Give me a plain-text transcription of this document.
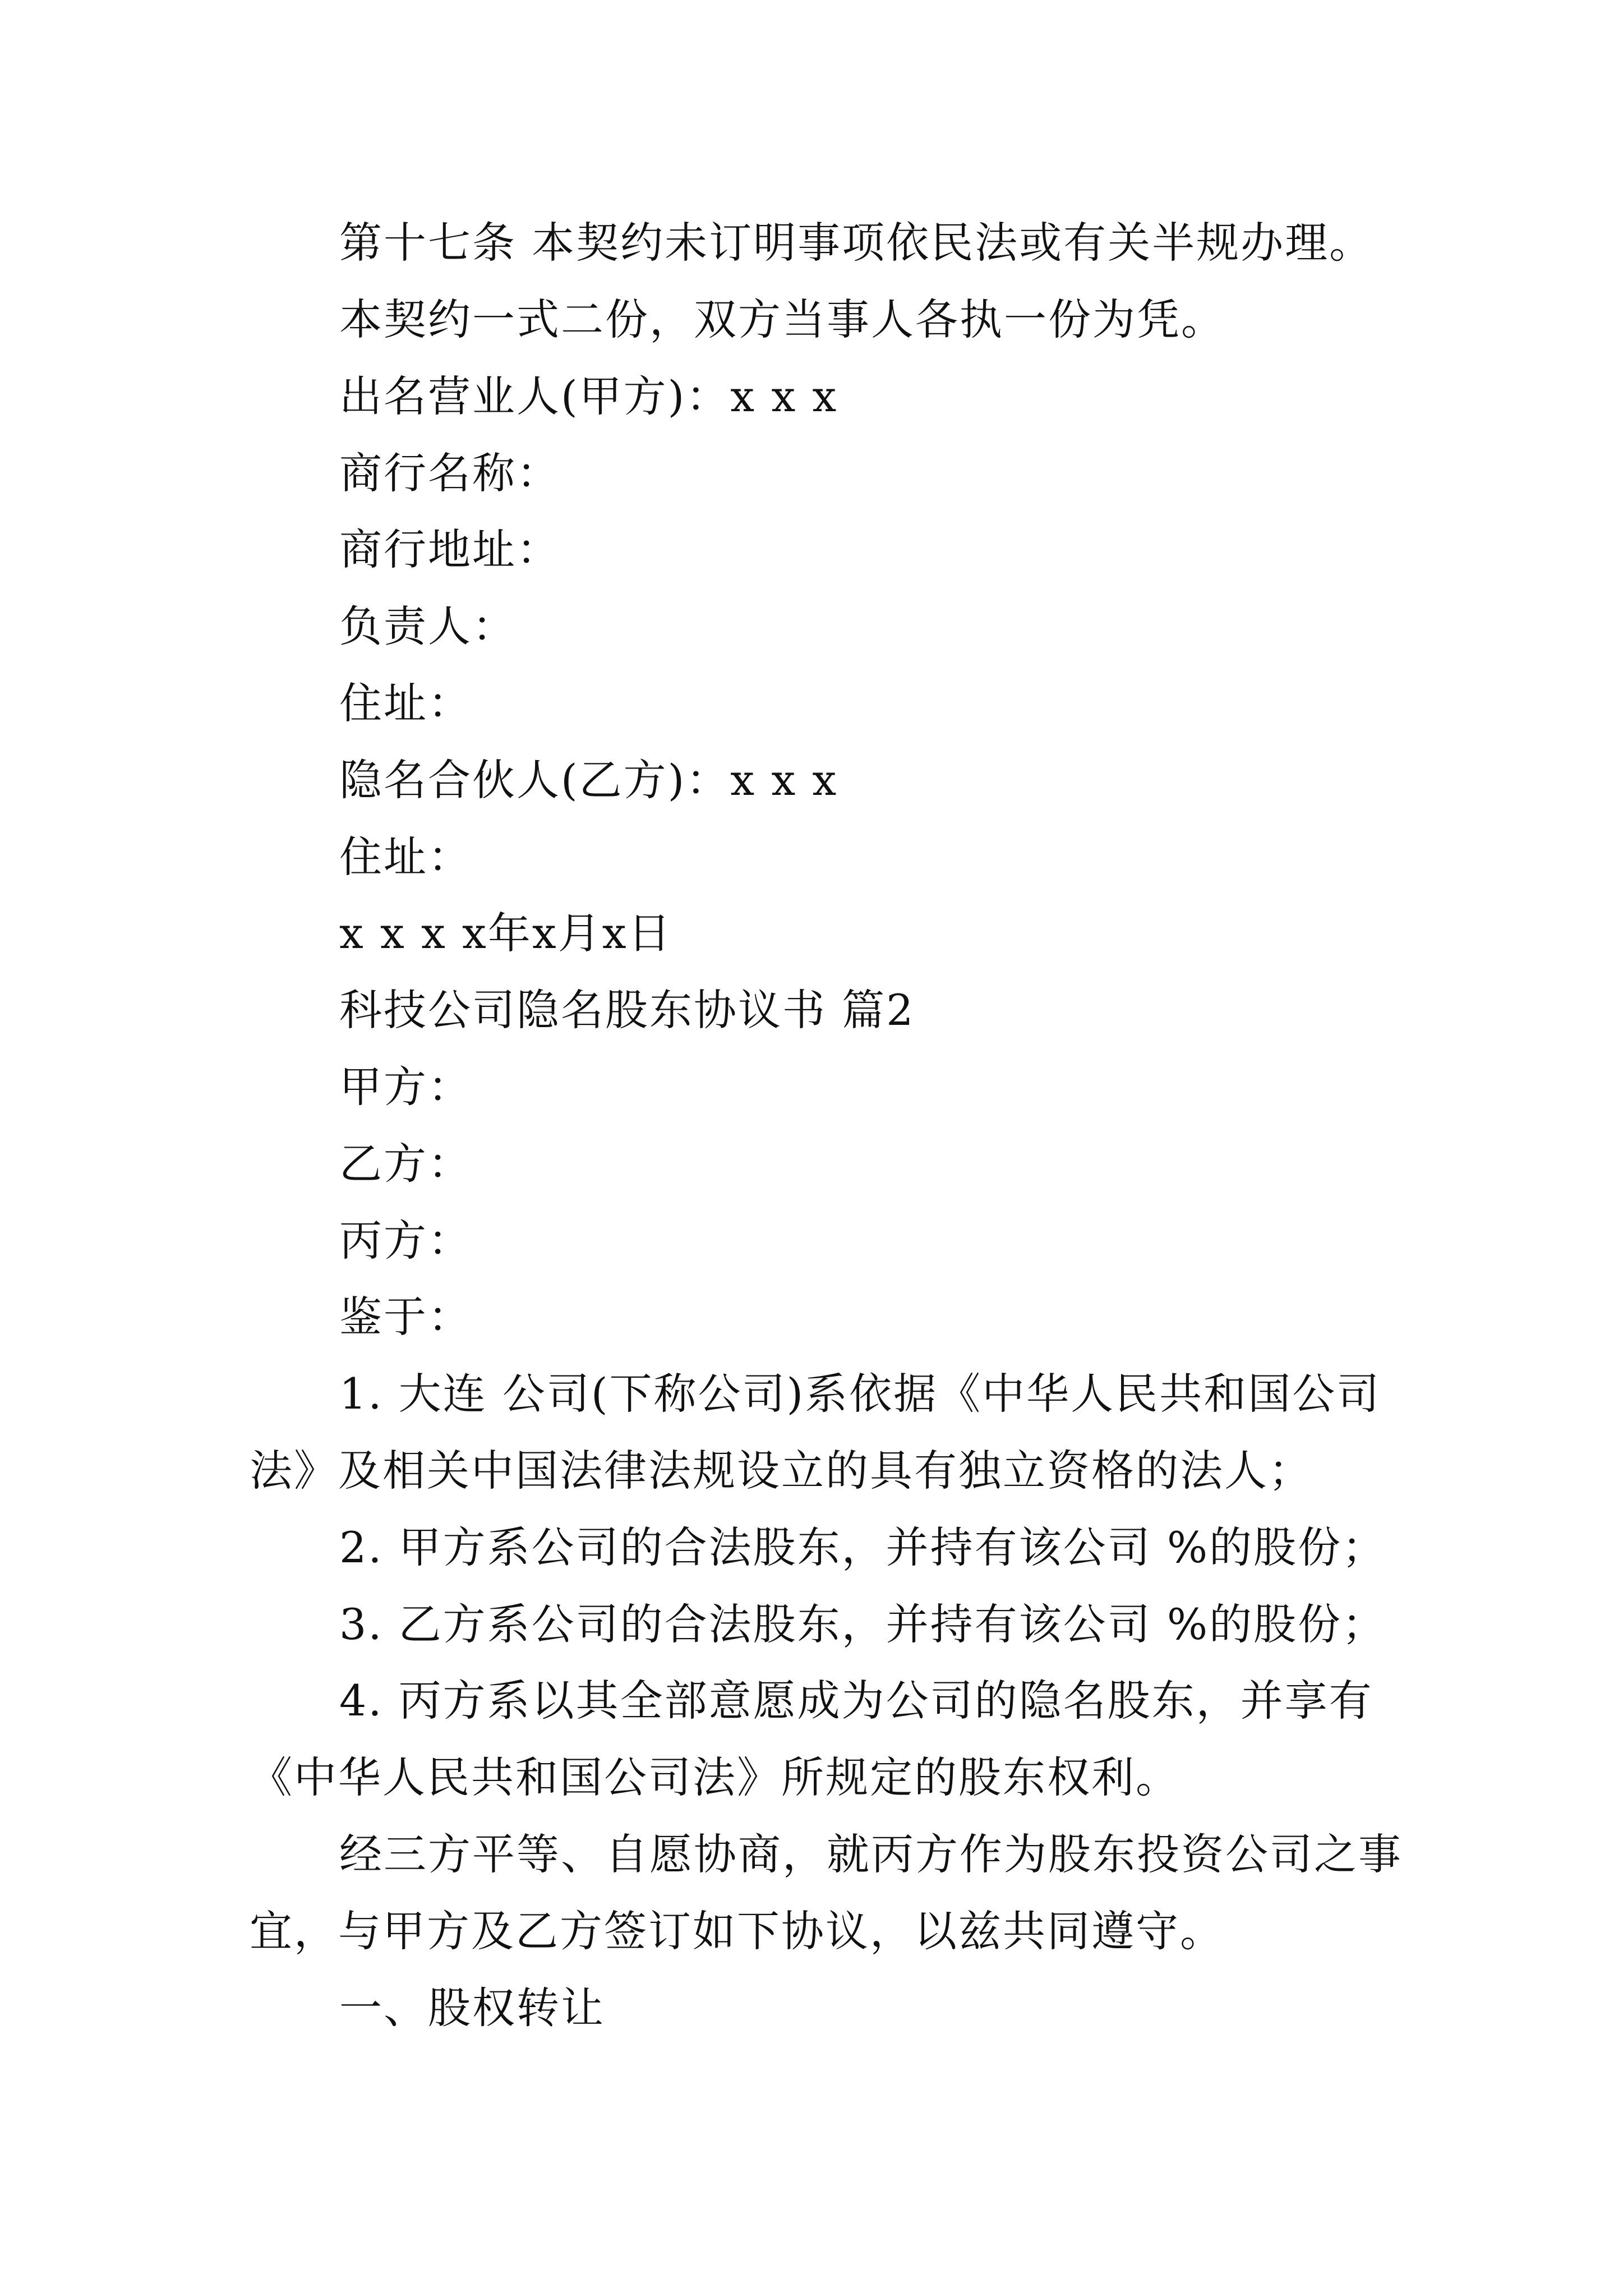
第十七条 本契约未订明事项依民法或有关半规办理。
本契约一式二份，双方当事人各执一份为凭。
出名营业人(甲方)：x x x
商行名称：
商行地址：
负责人：
住址：
隐名合伙人(乙方)：x x x
住址：
x x x x年x月x日
科技公司隐名股东协议书 篇2
甲方：
乙方：
丙方：
鉴于：
1. 大连 公司(下称公司)系依据《中华人民共和国公司
法》及相关中国法律法规设立的具有独立资格的法人；
2. 甲方系公司的合法股东，并持有该公司 %的股份；
3. 乙方系公司的合法股东，并持有该公司 %的股份；
4. 丙方系以其全部意愿成为公司的隐名股东，并享有
《中华人民共和国公司法》所规定的股东权利。
经三方平等、自愿协商，就丙方作为股东投资公司之事
宜，与甲方及乙方签订如下协议，以兹共同遵守。
一、股权转让
